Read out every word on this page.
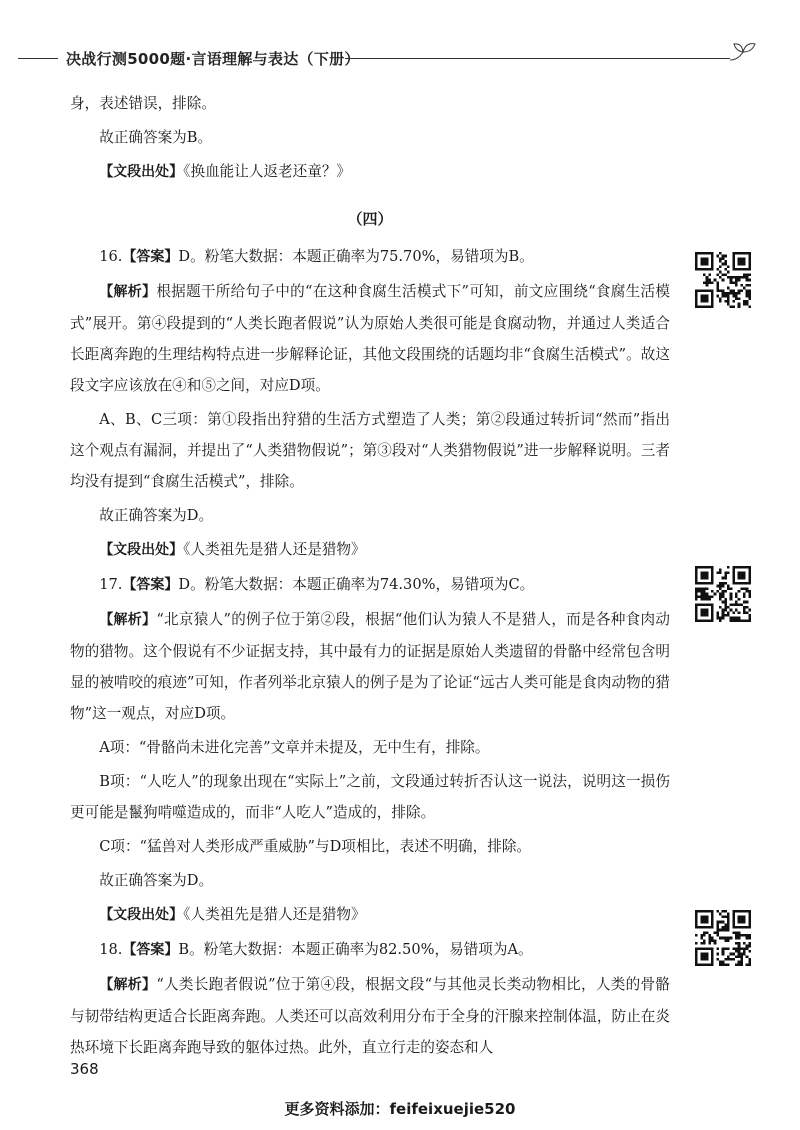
决战行测5000题·言语理解与表达（下册）

身，表述错误，排除。

故正确答案为B。

【文段出处】《换血能让人返老还童？》

（四）

16.【答案】D。粉笔大数据：本题正确率为75.70%，易错项为B。

【解析】根据题干所给句子中的“在这种食腐生活模式下”可知，前文应围绕“食腐生活模式”展开。第④段提到的“人类长跑者假说”认为原始人类很可能是食腐动物，并通过人类适合长距离奔跑的生理结构特点进一步解释论证，其他文段围绕的话题均非“食腐生活模式”。故这段文字应该放在④和⑤之间，对应D项。

A、B、C三项：第①段指出狩猎的生活方式塑造了人类；第②段通过转折词“然而”指出这个观点有漏洞，并提出了“人类猎物假说”；第③段对“人类猎物假说”进一步解释说明。三者均没有提到“食腐生活模式”，排除。

故正确答案为D。

【文段出处】《人类祖先是猎人还是猎物》

17.【答案】D。粉笔大数据：本题正确率为74.30%，易错项为C。

【解析】“北京猿人”的例子位于第②段，根据“他们认为猿人不是猎人，而是各种食肉动物的猎物。这个假说有不少证据支持，其中最有力的证据是原始人类遗留的骨骼中经常包含明显的被啃咬的痕迹”可知，作者列举北京猿人的例子是为了论证“远古人类可能是食肉动物的猎物”这一观点，对应D项。

A项：“骨骼尚未进化完善”文章并未提及，无中生有，排除。

B项：“人吃人”的现象出现在“实际上”之前，文段通过转折否认这一说法，说明这一损伤更可能是鬣狗啃噬造成的，而非“人吃人”造成的，排除。

C项：“猛兽对人类形成严重威胁”与D项相比，表述不明确，排除。

故正确答案为D。

【文段出处】《人类祖先是猎人还是猎物》

18.【答案】B。粉笔大数据：本题正确率为82.50%，易错项为A。

【解析】“人类长跑者假说”位于第④段，根据文段“与其他灵长类动物相比，人类的骨骼与韧带结构更适合长距离奔跑。人类还可以高效利用分布于全身的汗腺来控制体温，防止在炎热环境下长距离奔跑导致的躯体过热。此外，直立行走的姿态和人

368
更多资料添加：feifeixuejie520
